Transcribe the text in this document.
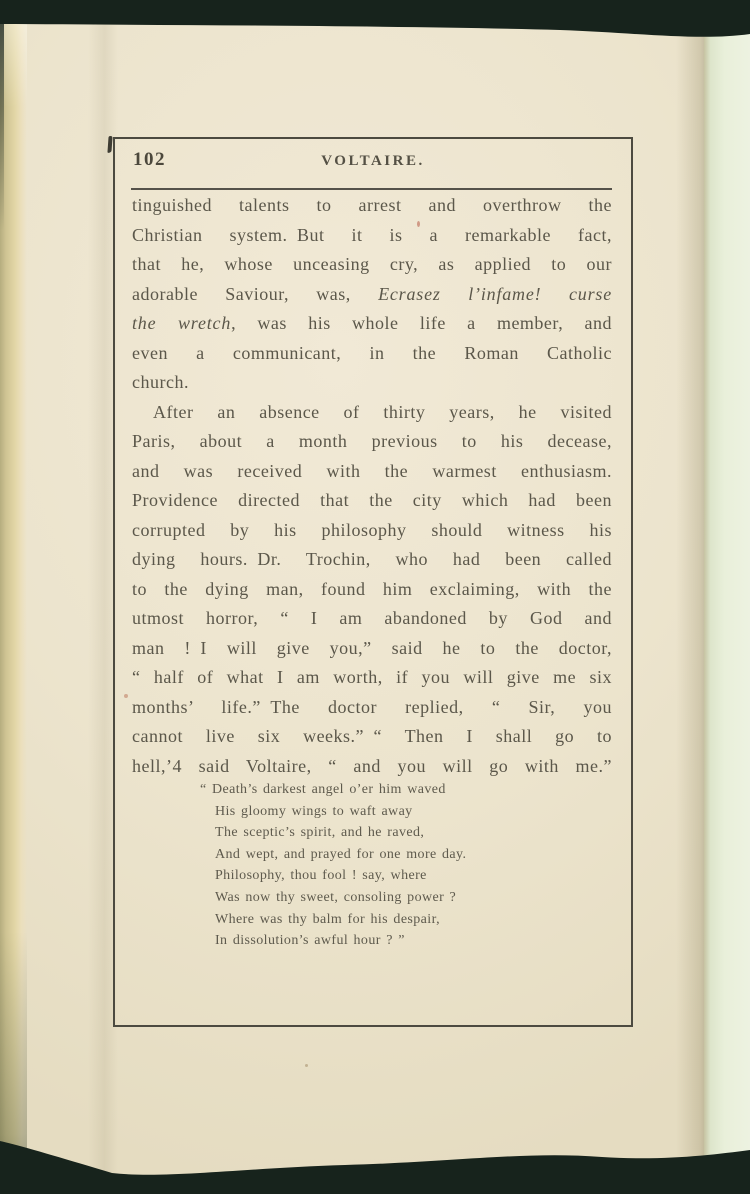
102	VOLTAIRE.
tinguished talents to arrest and overthrow the
Christian system. But it is a remarkable fact,
that he, whose unceasing cry, as applied to our
adorable Saviour, was, Ecrasez l’infame! curse
the wretch, was his whole life a member, and
even a communicant, in the Roman Catholic
church.
After an absence of thirty years, he visited
Paris, about a month previous to his decease,
and was received with the warmest enthusiasm.
Providence directed that the city which had been
corrupted by his philosophy should witness his
dying hours. Dr. Trochin, who had been called
to the dying man, found him exclaiming, with the
utmost horror, “ I am abandoned by God and
man ! I will give you,” said he to the doctor,
“ half of what I am worth, if you will give me six
months’ life.” The doctor replied, “ Sir, you
cannot live six weeks.” “ Then I shall go to
hell,’4 said Voltaire, “ and you will go with me.”
“ Death’s darkest angel o’er him waved
His gloomy wings to waft away
The sceptic’s spirit, and he raved,
And wept, and prayed for one more day.
Philosophy, thou fool ! say, where
Was now thy sweet, consoling power ?
Where was thy balm for his despair,
In dissolution’s awful hour ? ”
